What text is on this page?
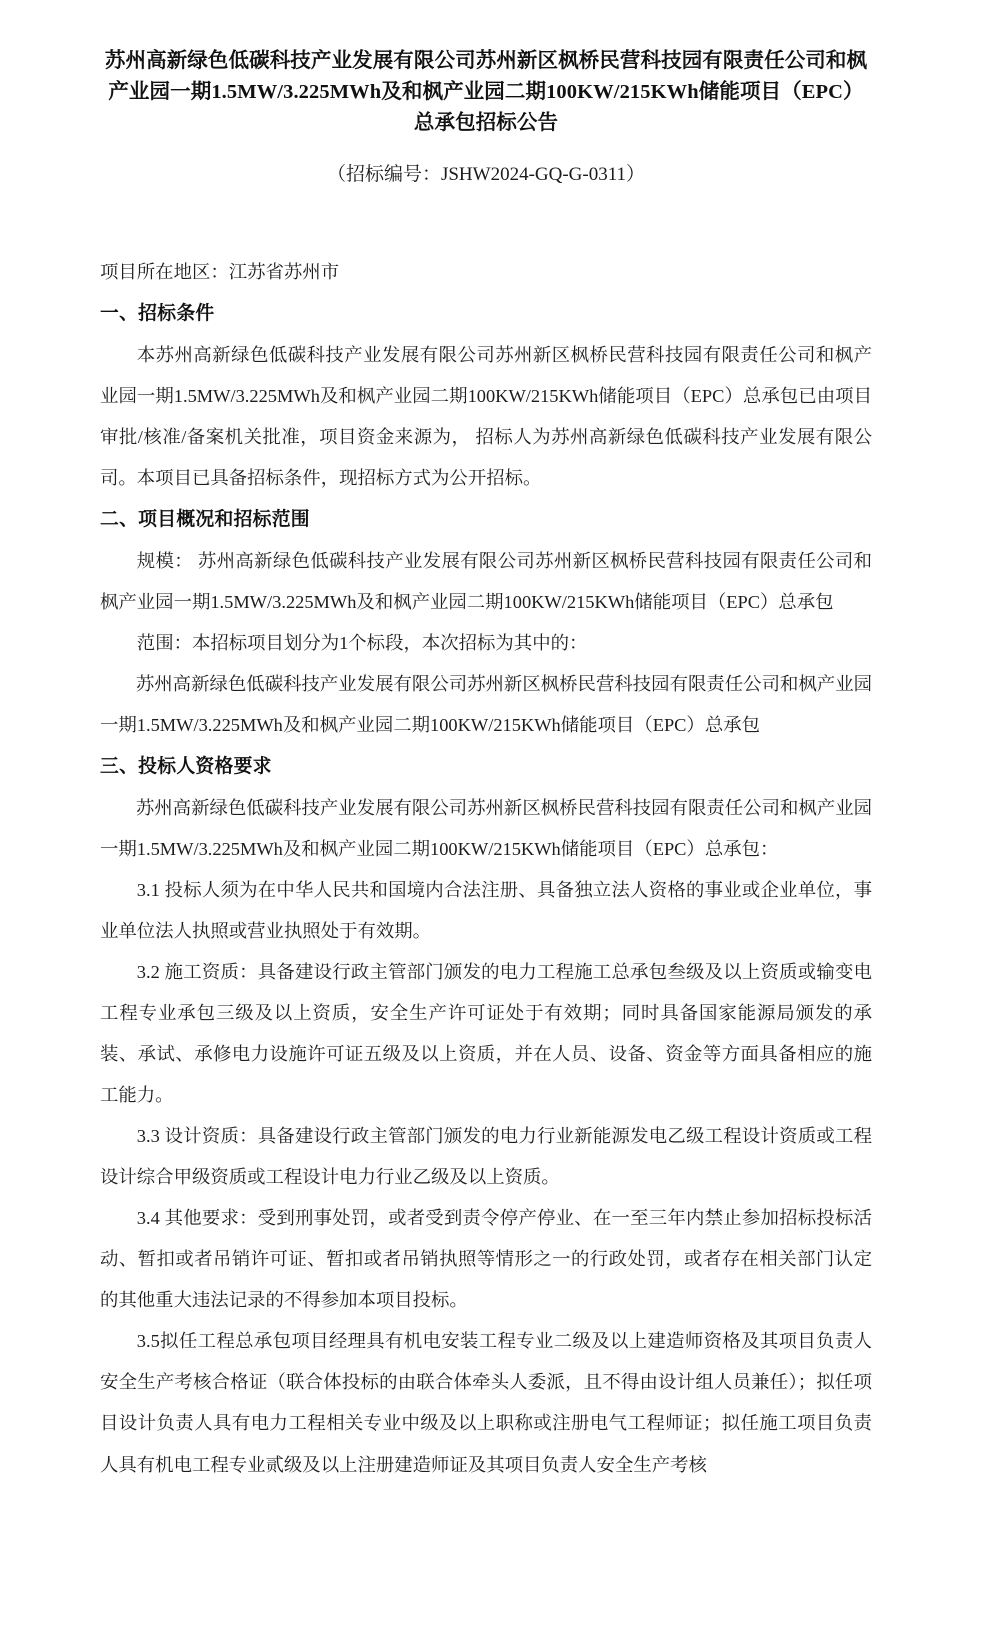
苏州高新绿色低碳科技产业发展有限公司苏州新区枫桥民营科技园有限责任公司和枫产业园一期1.5MW/3.225MWh及和枫产业园二期100KW/215KWh储能项目（EPC）总承包招标公告

（招标编号：JSHW2024-GQ-G-0311）

项目所在地区：江苏省苏州市

一、招标条件

本苏州高新绿色低碳科技产业发展有限公司苏州新区枫桥民营科技园有限责任公司和枫产业园一期1.5MW/3.225MWh及和枫产业园二期100KW/215KWh储能项目（EPC）总承包已由项目审批/核准/备案机关批准，项目资金来源为， 招标人为苏州高新绿色低碳科技产业发展有限公司。本项目已具备招标条件，现招标方式为公开招标。

二、项目概况和招标范围

规模： 苏州高新绿色低碳科技产业发展有限公司苏州新区枫桥民营科技园有限责任公司和枫产业园一期1.5MW/3.225MWh及和枫产业园二期100KW/215KWh储能项目（EPC）总承包

范围：本招标项目划分为1个标段，本次招标为其中的：

苏州高新绿色低碳科技产业发展有限公司苏州新区枫桥民营科技园有限责任公司和枫产业园一期1.5MW/3.225MWh及和枫产业园二期100KW/215KWh储能项目（EPC）总承包

三、投标人资格要求

苏州高新绿色低碳科技产业发展有限公司苏州新区枫桥民营科技园有限责任公司和枫产业园一期1.5MW/3.225MWh及和枫产业园二期100KW/215KWh储能项目（EPC）总承包：

3.1 投标人须为在中华人民共和国境内合法注册、具备独立法人资格的事业或企业单位，事业单位法人执照或营业执照处于有效期。

3.2 施工资质：具备建设行政主管部门颁发的电力工程施工总承包叁级及以上资质或输变电工程专业承包三级及以上资质，安全生产许可证处于有效期；同时具备国家能源局颁发的承装、承试、承修电力设施许可证五级及以上资质，并在人员、设备、资金等方面具备相应的施工能力。

3.3 设计资质：具备建设行政主管部门颁发的电力行业新能源发电乙级工程设计资质或工程设计综合甲级资质或工程设计电力行业乙级及以上资质。

3.4 其他要求：受到刑事处罚，或者受到责令停产停业、在一至三年内禁止参加招标投标活动、暂扣或者吊销许可证、暂扣或者吊销执照等情形之一的行政处罚，或者存在相关部门认定的其他重大违法记录的不得参加本项目投标。

3.5拟任工程总承包项目经理具有机电安装工程专业二级及以上建造师资格及其项目负责人安全生产考核合格证（联合体投标的由联合体牵头人委派，且不得由设计组人员兼任）；拟任项目设计负责人具有电力工程相关专业中级及以上职称或注册电气工程师证；拟任施工项目负责人具有机电工程专业贰级及以上注册建造师证及其项目负责人安全生产考核
